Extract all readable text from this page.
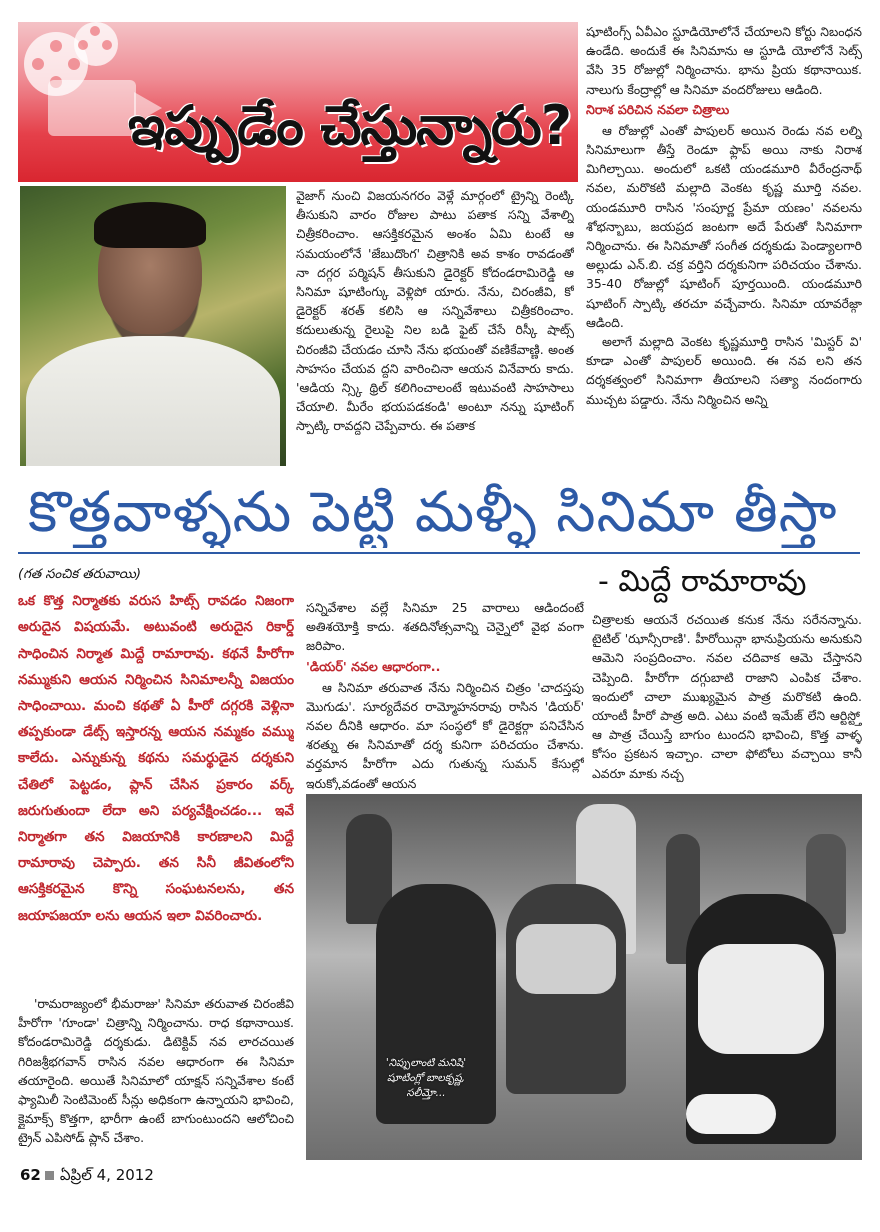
ఇప్పుడేం చేస్తున్నారు?

వైజాగ్ నుంచి విజయనగరం వెళ్లే మార్గంలో ట్రైన్ని రెంట్కి తీసుకుని వారం రోజుల పాటు పతాక సన్ని వేశాల్ని చిత్రీకరించాం. ఆసక్తికరమైన అంశం ఏమి టంటే ఆ సమయంలోనే 'జేబుదొంగ' చిత్రానికి అవ కాశం రావడంతో నా దగ్గర పర్మిషన్ తీసుకుని డైరెక్టర్ కోదండరామిరెడ్డి ఆ సినిమా షూటింగ్కు వెళ్లిపో యారు. నేను, చిరంజీవి, కో డైరెక్టర్ శరత్ కలిసి ఆ సన్నివేశాలు చిత్రీకరించాం. కదులుతున్న రైలుపై నిల బడి ఫైట్ చేసే రిస్కీ షాట్స్ చిరంజీవి చేయడం చూసి నేను భయంతో వణికేవాణ్ణి. అంత సాహసం చేయవ ద్దని వారించినా ఆయన వినేవారు కాదు. 'ఆడియ న్స్కి థ్రిల్ కలిగించాలంటే ఇటువంటి సాహసాలు చేయాలి. మీరేం భయపడకండి' అంటూ నన్ను షూటింగ్ స్పాట్కి రావద్దని చెప్పేవారు. ఈ పతాక

షూటింగ్స్ ఏవీఎం స్టూడియోలోనే చేయాలని కోర్టు నిబంధన ఉండేది. అందుకే ఈ సినిమాను ఆ స్టూడి యోలోనే సెట్స్ వేసి 35 రోజుల్లో నిర్మించాను. భాను ప్రియ కథానాయిక. నాలుగు కేంద్రాల్లో ఆ సినిమా వందరోజులు ఆడింది.

నిరాశ పరిచిన నవలా చిత్రాలు

ఆ రోజుల్లో ఎంతో పాపులర్ అయిన రెండు నవ లల్ని సినిమాలుగా తీస్తే రెండూ ఫ్లాప్ అయి నాకు నిరాశ మిగిల్చాయి. అందులో ఒకటి యండమూరి వీరేంద్రనాథ్ నవల, మరొకటి మల్లాది వెంకట కృష్ణ మూర్తి నవల. యండమూరి రాసిన 'సంపూర్ణ ప్రేమా యణం' నవలను శోభన్బాబు, జయప్రద జంటగా అదే పేరుతో సినిమాగా నిర్మించాను. ఈ సినిమాతో సంగీత దర్శకుడు పెండ్యాలగారి అల్లుడు ఎన్.బి. చక్ర వర్తిని దర్శకునిగా పరిచయం చేశాను. 35-40 రోజుల్లో షూటింగ్ పూర్తయింది. యండమూరి షూటింగ్ స్పాట్కి తరచూ వచ్చేవారు. సినిమా యావరేజ్గా ఆడింది.

అలాగే మల్లాది వెంకట కృష్ణమూర్తి రాసిన 'మిస్టర్ వి' కూడా ఎంతో పాపులర్ అయింది. ఈ నవ లని తన దర్శకత్వంలో సినిమాగా తీయాలని సత్యా నందంగారు ముచ్చట పడ్డారు. నేను నిర్మించిన అన్ని

కొత్తవాళ్ళను పెట్టి మళ్ళీ సినిమా తీస్తా
- మిద్దే రామారావు
(గత సంచిక తరువాయి)
ఒక కొత్త నిర్మాతకు వరుస హిట్స్ రావడం నిజంగా అరుదైన విషయమే. అటువంటి అరుదైన రికార్డ్ సాధించిన నిర్మాత మిద్దే రామారావు. కథనే హీరోగా నమ్ముకుని ఆయన నిర్మించిన సినిమాలన్నీ విజయం సాధించాయి. మంచి కథతో ఏ హీరో దగ్గరకి వెళ్లినా తప్పకుండా డేట్స్ ఇస్తారన్న ఆయన నమ్మకం వమ్ము కాలేదు. ఎన్నుకున్న కథను సమర్థుడైన దర్శకుని చేతిలో పెట్టడం, ప్లాన్ చేసిన ప్రకారం వర్క్ జరుగుతుందా లేదా అని పర్యవేక్షించడం... ఇవే నిర్మాతగా తన విజయానికి కారణాలని మిద్దే రామారావు చెప్పారు. తన సినీ జీవితంలోని ఆసక్తికరమైన కొన్ని సంఘటనలను, తన జయాపజయా లను ఆయన ఇలా వివరించారు.

'రామరాజ్యంలో భీమరాజు' సినిమా తరువాత చిరంజీవి హీరోగా 'గూండా' చిత్రాన్ని నిర్మించాను. రాధ కథానాయిక. కోదండరామిరెడ్డి దర్శకుడు. డిటెక్టివ్ నవ లారచయిత గిరిజశ్రీభగవాన్ రాసిన నవల ఆధారంగా ఈ సినిమా తయారైంది. అయితే సినిమాలో యాక్షన్ సన్నివేశాల కంటే ఫ్యామిలీ సెంటిమెంట్ సీన్లు అధికంగా ఉన్నాయని భావించి, క్లైమాక్స్ కొత్తగా, భారీగా ఉంటే బాగుంటుందని ఆలోచించి ట్రైన్ ఎపిసోడ్ ప్లాన్ చేశాం.

సన్నివేశాల వల్లే సినిమా 25 వారాలు ఆడిందంటే అతిశయోక్తి కాదు. శతదినోత్సవాన్ని చెన్నైలో వైభ వంగా జరిపాం.

'డియర్' నవల ఆధారంగా..

ఆ సినిమా తరువాత నేను నిర్మించిన చిత్రం 'చాదస్తపు మొగుడు'. సూర్యదేవర రామ్మోహనరావు రాసిన 'డియర్' నవల దీనికి ఆధారం. మా సంస్థలో కో డైరెక్టర్గా పనిచేసిన శరత్ను ఈ సినిమాతో దర్శ కునిగా పరిచయం చేశాను. వర్తమాన హీరోగా ఎదు గుతున్న సుమన్ కేసుల్లో ఇరుక్కోవడంతో ఆయన

చిత్రాలకు ఆయనే రచయిత కనుక నేను సరేనన్నాను. టైటిల్ 'ఝాన్సీరాణి'. హీరోయిన్గా భానుప్రియను అనుకుని ఆమెని సంప్రదించాం. నవల చదివాక ఆమె చేస్తానని చెప్పింది. హీరోగా దగ్గుబాటి రాజాని ఎంపిక చేశాం. ఇందులో చాలా ముఖ్యమైన పాత్ర మరొకటి ఉంది. యాంటీ హీరో పాత్ర అది. ఎటు వంటి ఇమేజ్ లేని ఆర్టిస్ట్తో ఆ పాత్ర చేయిస్తే బాగుం టుందని భావించి, కొత్త వాళ్ళ కోసం ప్రకటన ఇచ్చాం. చాలా ఫోటోలు వచ్చాయి కానీ ఎవరూ మాకు నచ్చ

'నిప్పులాంటి మనిషి'
షూటింగ్లో బాలకృష్ణ,
సలీమ్తో...
62 ఏప్రిల్ 4, 2012
